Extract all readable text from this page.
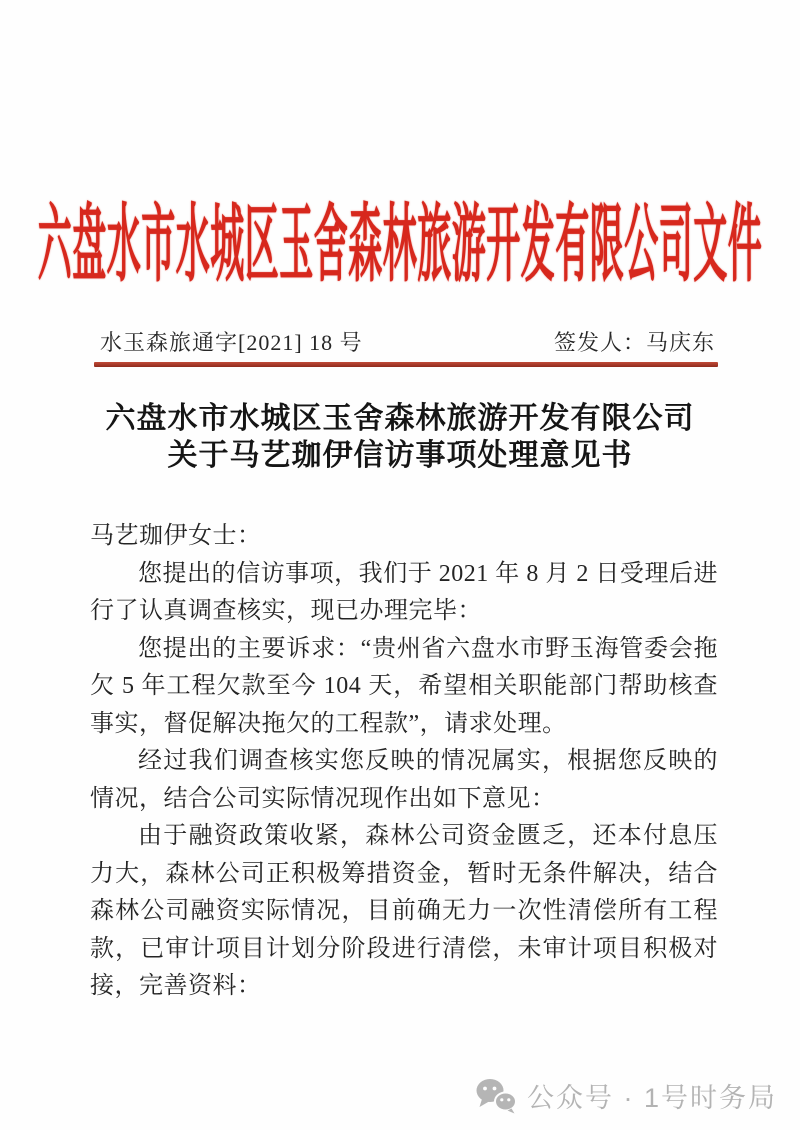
六盘水市水城区玉舍森林旅游开发有限公司文件
水玉森旅通字[2021] 18 号	签发人：马庆东
六盘水市水城区玉舍森林旅游开发有限公司
关于马艺珈伊信访事项处理意见书

马艺珈伊女士：

您提出的信访事项，我们于 2021 年 8 月 2 日受理后进行了认真调查核实，现已办理完毕：

您提出的主要诉求：“贵州省六盘水市野玉海管委会拖欠 5 年工程欠款至今 104 天，希望相关职能部门帮助核查事实，督促解决拖欠的工程款”，请求处理。

经过我们调查核实您反映的情况属实，根据您反映的情况，结合公司实际情况现作出如下意见：

由于融资政策收紧，森林公司资金匮乏，还本付息压力大，森林公司正积极筹措资金，暂时无条件解决，结合森林公司融资实际情况，目前确无力一次性清偿所有工程款，已审计项目计划分阶段进行清偿，未审计项目积极对接，完善资料：

公众号 · 1号时务局
